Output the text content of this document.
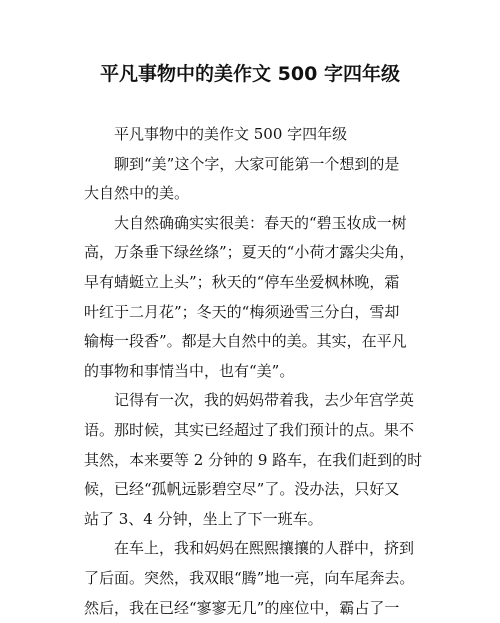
平凡事物中的美作文 500 字四年级
平凡事物中的美作文 500 字四年级
聊到“美”这个字，大家可能第一个想到的是
大自然中的美。
大自然确确实实很美：春天的“碧玉妆成一树
高，万条垂下绿丝绦”；夏天的“小荷才露尖尖角，
早有蜻蜓立上头”；秋天的“停车坐爱枫林晚，霜
叶红于二月花”；冬天的“梅须逊雪三分白，雪却
输梅一段香”。都是大自然中的美。其实，在平凡
的事物和事情当中，也有“美”。
记得有一次，我的妈妈带着我，去少年宫学英
语。那时候，其实已经超过了我们预计的点。果不
其然，本来要等 2 分钟的 9 路车，在我们赶到的时
候，已经“孤帆远影碧空尽”了。没办法，只好又
站了 3、4 分钟，坐上了下一班车。
在车上，我和妈妈在熙熙攘攘的人群中，挤到
了后面。突然，我双眼“腾”地一亮，向车尾奔去。
然后，我在已经“寥寥无几”的座位中，霸占了一
